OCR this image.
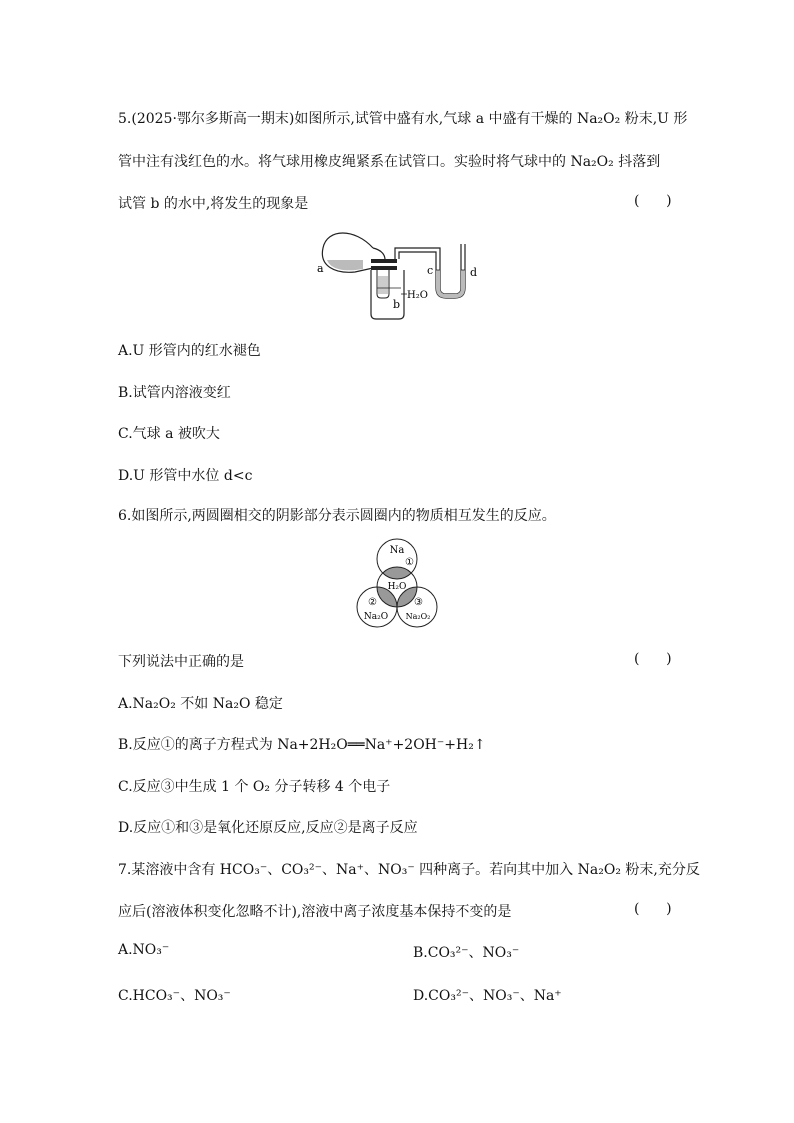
5.(2025·鄂尔多斯高一期末)如图所示,试管中盛有水,气球 a 中盛有干燥的 Na₂O₂ 粉末,U 形
管中注有浅红色的水。将气球用橡皮绳紧系在试管口。实验时将气球中的 Na₂O₂ 抖落到
试管 b 的水中,将发生的现象是	(      )
a
b
c	d
H₂O
A.U 形管内的红水褪色
B.试管内溶液变红
C.气球 a 被吹大
D.U 形管中水位 d<c
6.如图所示,两圆圈相交的阴影部分表示圆圈内的物质相互发生的反应。
Na
①
H₂O
②	③
Na₂O Na₂O₂
下列说法中正确的是	(      )
A.Na₂O₂ 不如 Na₂O 稳定
B.反应①的离子方程式为 Na+2H₂O══Na⁺+2OH⁻+H₂↑
C.反应③中生成 1 个 O₂ 分子转移 4 个电子
D.反应①和③是氧化还原反应,反应②是离子反应
7.某溶液中含有 HCO₃⁻、CO₃²⁻、Na⁺、NO₃⁻ 四种离子。若向其中加入 Na₂O₂ 粉末,充分反
应后(溶液体积变化忽略不计),溶液中离子浓度基本保持不变的是	(      )
A.NO₃⁻	B.CO₃²⁻、NO₃⁻
C.HCO₃⁻、NO₃⁻	D.CO₃²⁻、NO₃⁻、Na⁺
